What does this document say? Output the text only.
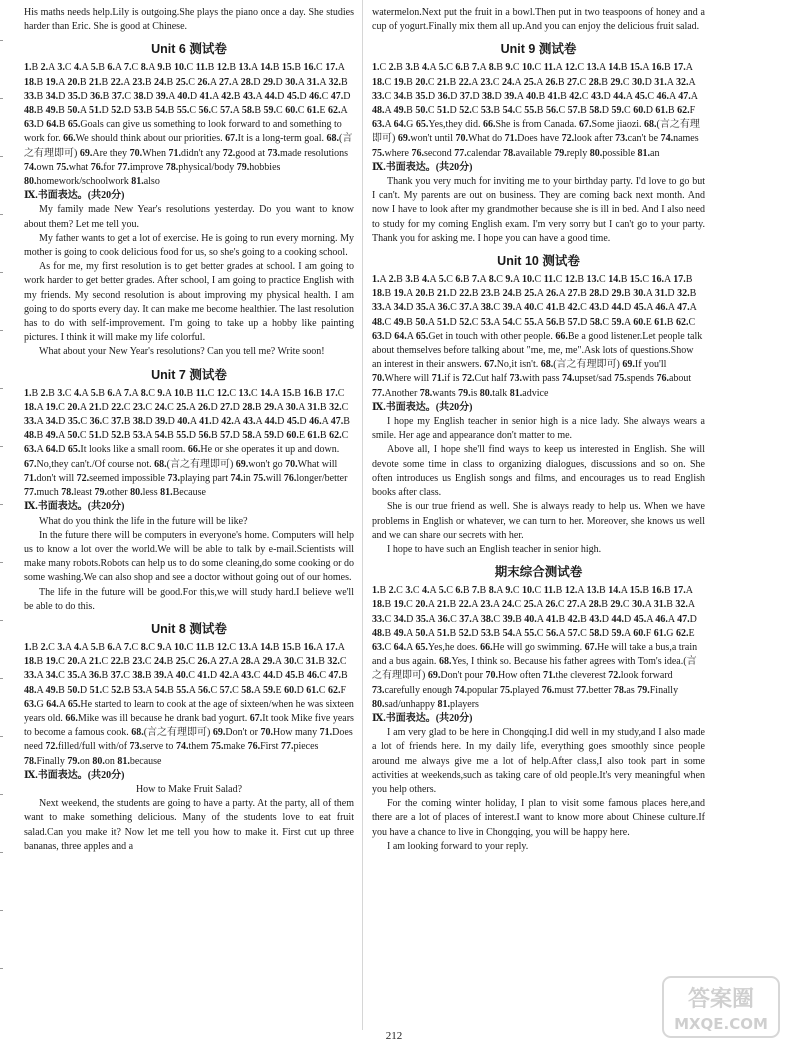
His maths needs help.Lily is outgoing.She plays the piano once a day. She studies harder than Eric. She is good at Chinese.

Unit 6 测试卷

1.B 2.A 3.C 4.A 5.B 6.A 7.C 8.A 9.B 10.C 11.B 12.B 13.A 14.B 15.B 16.C 17.A 18.B 19.A 20.B 21.B 22.A 23.B 24.B 25.C 26.A 27.A 28.D 29.D 30.A 31.A 32.B 33.B 34.D 35.D 36.B 37.C 38.D 39.A 40.D 41.A 42.B 43.A 44.D 45.D 46.C 47.D 48.B 49.B 50.A 51.D 52.D 53.B 54.B 55.C 56.C 57.A 58.B 59.C 60.C 61.E 62.A 63.D 64.B 65.Goals can give us something to look forward to and something to work for. 66.We should think about our priorities. 67.It is a long-term goal. 68.(言之有理即可) 69.Are they 70.When 71.didn't any 72.good at 73.made resolutions 74.own 75.what 76.for 77.improve 78.physical/body 79.hobbies 80.homework/schoolwork 81.also

Ⅸ.书面表达。(共20分)

My family made New Year's resolutions yesterday. Do you want to know about them? Let me tell you.

My father wants to get a lot of exercise. He is going to run every morning. My mother is going to cook delicious food for us, so she's going to a cooking school.

As for me, my first resolution is to get better grades at school. I am going to work harder to get better grades. After school, I am going to practice English with my friends. My second resolution is about improving my physical health. I am going to do sports every day. It can make me become healthier. The last resolution has to do with self-improvement. I'm going to take up a hobby like painting pictures. I think it will make my life colorful.

What about your New Year's resolutions? Can you tell me? Write soon!

Unit 7 测试卷

1.B 2.B 3.C 4.A 5.B 6.A 7.A 8.C 9.A 10.B 11.C 12.C 13.C 14.A 15.B 16.B 17.C 18.A 19.C 20.A 21.D 22.C 23.C 24.C 25.A 26.D 27.D 28.B 29.A 30.A 31.B 32.C 33.A 34.D 35.C 36.C 37.B 38.D 39.D 40.A 41.D 42.A 43.A 44.D 45.D 46.A 47.B 48.B 49.A 50.C 51.D 52.B 53.A 54.B 55.D 56.B 57.D 58.A 59.D 60.E 61.B 62.C 63.A 64.D 65.It looks like a small room. 66.He or she operates it up and down. 67.No,they can't./Of course not. 68.(言之有理即可) 69.won't go 70.What will 71.don't will 72.seemed impossible 73.playing part 74.in 75.will 76.longer/better 77.much 78.least 79.other 80.less 81.Because

Ⅸ.书面表达。(共20分)

What do you think the life in the future will be like?

In the future there will be computers in everyone's home. Computers will help us to know a lot over the world.We will be able to talk by e-mail.Scientists will make many robots.Robots can help us to do some cleaning,do some cooking or do some washing.We can also shop and see a doctor without going out of our homes.

The life in the future will be good.For this,we will study hard.I believe we'll be able to do this.

Unit 8 测试卷

1.B 2.C 3.A 4.A 5.B 6.A 7.C 8.C 9.A 10.C 11.B 12.C 13.A 14.B 15.B 16.A 17.A 18.B 19.C 20.A 21.C 22.B 23.C 24.B 25.C 26.A 27.A 28.A 29.A 30.C 31.B 32.C 33.A 34.C 35.A 36.B 37.C 38.B 39.A 40.C 41.D 42.A 43.C 44.D 45.B 46.C 47.B 48.A 49.B 50.D 51.C 52.B 53.A 54.B 55.A 56.C 57.C 58.A 59.E 60.D 61.C 62.F 63.G 64.A 65.He started to learn to cook at the age of sixteen/when he was sixteen years old. 66.Mike was ill because he drank bad yogurt. 67.It took Mike five years to become a famous cook. 68.(言之有理即可) 69.Don't or 70.How many 71.Does need 72.filled/full with/of 73.serve to 74.them 75.make 76.First 77.pieces 78.Finally 79.on 80.on 81.because

Ⅸ.书面表达。(共20分)

How to Make Fruit Salad?

Next weekend, the students are going to have a party. At the party, all of them want to make something delicious. Many of the students love to eat fruit salad.Can you make it? Now let me tell you how to make it. First cut up three bananas, three apples and a

watermelon.Next put the fruit in a bowl.Then put in two teaspoons of honey and a cup of yogurt.Finally mix them all up.And you can enjoy the delicious fruit salad.

Unit 9 测试卷

1.C 2.B 3.B 4.A 5.C 6.B 7.A 8.B 9.C 10.C 11.A 12.C 13.A 14.B 15.A 16.B 17.A 18.C 19.B 20.C 21.B 22.A 23.C 24.A 25.A 26.B 27.C 28.B 29.C 30.D 31.A 32.A 33.C 34.B 35.D 36.D 37.D 38.D 39.A 40.B 41.B 42.C 43.D 44.A 45.C 46.A 47.A 48.A 49.B 50.C 51.D 52.C 53.B 54.C 55.B 56.C 57.B 58.D 59.C 60.D 61.B 62.F 63.A 64.G 65.Yes,they did. 66.She is from Canada. 67.Some jiaozi. 68.(言之有理即可) 69.won't until 70.What do 71.Does have 72.look after 73.can't be 74.names 75.where 76.second 77.calendar 78.available 79.reply 80.possible 81.an

Ⅸ.书面表达。(共20分)

Thank you very much for inviting me to your birthday party. I'd love to go but I can't. My parents are out on business. They are coming back next month. And now I have to look after my grandmother because she is ill in bed. And I also need to study for my coming English exam. I'm very sorry but I can't go to your party. Thank you for asking me. I hope you can have a good time.

Unit 10 测试卷

1.A 2.B 3.B 4.A 5.C 6.B 7.A 8.C 9.A 10.C 11.C 12.B 13.C 14.B 15.C 16.A 17.B 18.B 19.A 20.B 21.D 22.B 23.B 24.B 25.A 26.A 27.B 28.D 29.B 30.A 31.D 32.B 33.A 34.D 35.A 36.C 37.A 38.C 39.A 40.C 41.B 42.C 43.D 44.D 45.A 46.A 47.A 48.C 49.B 50.A 51.D 52.C 53.A 54.C 55.A 56.B 57.D 58.C 59.A 60.E 61.B 62.C 63.D 64.A 65.Get in touch with other people. 66.Be a good listener.Let people talk about themselves before talking about "me, me, me".Ask lots of questions.Show an interest in their answers. 67.No,it isn't. 68.(言之有理即可) 69.If you'll 70.Where will 71.if is 72.Cut half 73.with pass 74.upset/sad 75.spends 76.about 77.Another 78.wants 79.is 80.talk 81.advice

Ⅸ.书面表达。(共20分)

I hope my English teacher in senior high is a nice lady. She always wears a smile. Her age and appearance don't matter to me.

Above all, I hope she'll find ways to keep us interested in English. She will devote some time in class to organizing dialogues, discussions and so on. She often introduces us English songs and films, and encourages us to read English books after class.

She is our true friend as well. She is always ready to help us. When we have problems in English or whatever, we can turn to her. Moreover, she knows us well and we can share our secrets with her.

I hope to have such an English teacher in senior high.

期末综合测试卷

1.B 2.C 3.C 4.A 5.C 6.B 7.B 8.A 9.C 10.C 11.B 12.A 13.B 14.A 15.B 16.B 17.A 18.B 19.C 20.A 21.B 22.A 23.A 24.C 25.A 26.C 27.A 28.B 29.C 30.A 31.B 32.A 33.C 34.D 35.A 36.C 37.A 38.C 39.B 40.A 41.B 42.B 43.D 44.D 45.A 46.A 47.D 48.B 49.A 50.A 51.B 52.D 53.B 54.A 55.C 56.A 57.C 58.D 59.A 60.F 61.G 62.E 63.C 64.A 65.Yes,he does. 66.He will go swimming. 67.He will take a bus,a train and a bus again. 68.Yes, I think so. Because his father agrees with Tom's idea.(言之有理即可) 69.Don't pour 70.How often 71.the cleverest 72.look forward 73.carefully enough 74.popular 75.played 76.must 77.better 78.as 79.Finally 80.sad/unhappy 81.players

Ⅸ.书面表达。(共20分)

I am very glad to be here in Chongqing.I did well in my study,and I also made a lot of friends here. In my daily life, everything goes smoothly since people around me always give me a lot of help.After class,I also took part in some activities at weekends,such as taking care of old people.It's very meaningful when you help others.

For the coming winter holiday, I plan to visit some famous places here,and there are a lot of places of interest.I want to know more about Chinese culture.If you have a chance to live in Chongqing, you will be happy here.

I am looking forward to your reply.

212
答案圈
MXQE.COM
